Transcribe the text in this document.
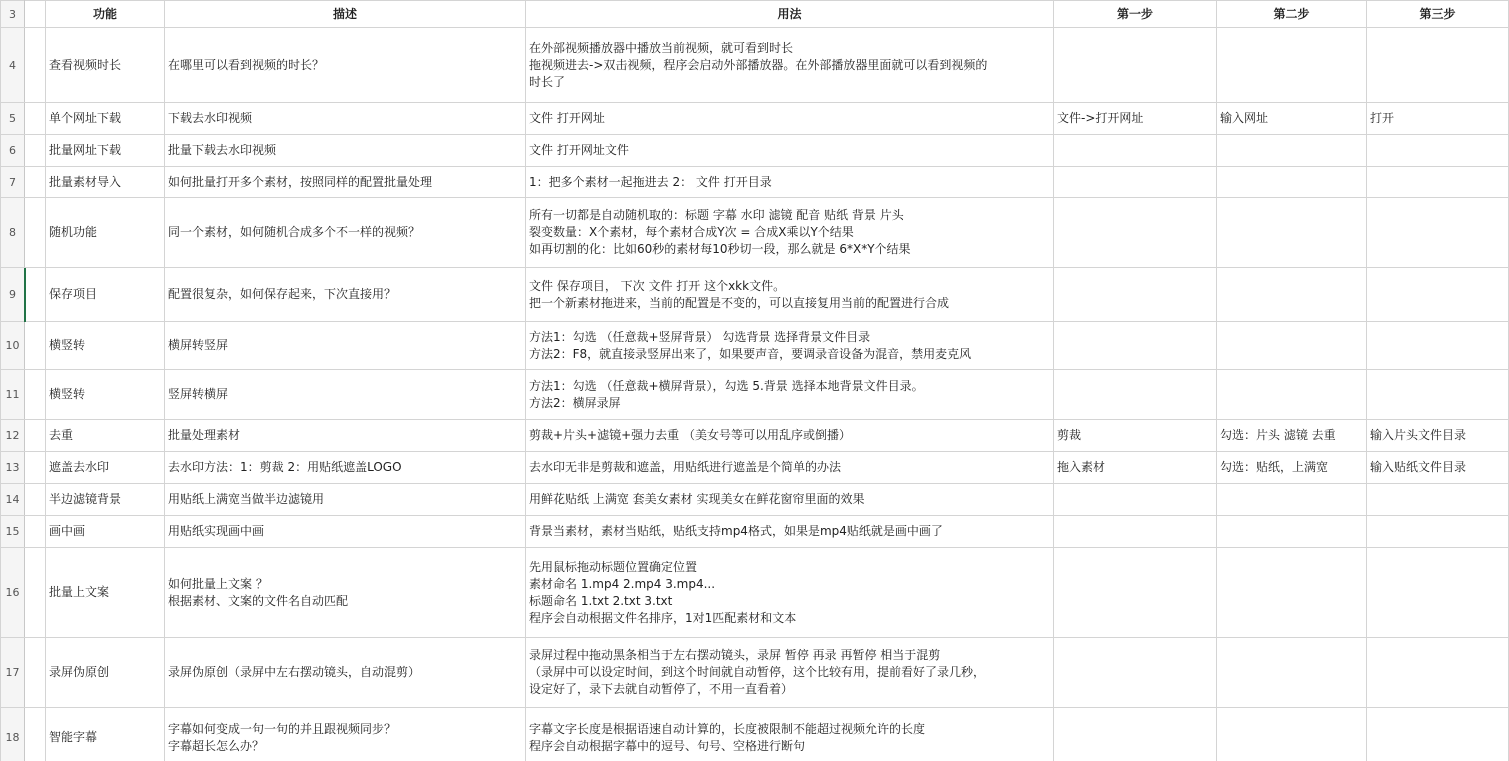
3		功能	描述	用法	第一步	第二步	第三步
4		查看视频时长	在哪里可以看到视频的时长？	在外部视频播放器中播放当前视频，就可看到时长
拖视频进去->双击视频，程序会启动外部播放器。在外部播放器里面就可以看到视频的
时长了			

5		单个网址下载	下载去水印视频	文件 打开网址	文件->打开网址	输入网址	打开
6		批量网址下载	批量下载去水印视频	文件 打开网址文件			

7		批量素材导入	如何批量打开多个素材，按照同样的配置批量处理	1：把多个素材一起拖进去 2： 文件 打开目录			

8		随机功能	同一个素材，如何随机合成多个不一样的视频？	所有一切都是自动随机取的：标题 字幕 水印 滤镜 配音 贴纸 背景 片头
裂变数量：X个素材，每个素材合成Y次 = 合成X乘以Y个结果
如再切割的化：比如60秒的素材每10秒切一段，那么就是 6*X*Y个结果			

9		保存项目	配置很复杂，如何保存起来，下次直接用？	文件 保存项目， 下次 文件 打开 这个xkk文件。
把一个新素材拖进来，当前的配置是不变的，可以直接复用当前的配置进行合成			

10		横竖转	横屏转竖屏	方法1：勾选 （任意裁+竖屏背景） 勾选背景 选择背景文件目录
方法2：F8，就直接录竖屏出来了，如果要声音，要调录音设备为混音，禁用麦克风			

11		横竖转	竖屏转横屏	方法1：勾选 （任意裁+横屏背景），勾选 5.背景 选择本地背景文件目录。
方法2：横屏录屏			

12		去重	批量处理素材	剪裁+片头+滤镜+强力去重 （美女号等可以用乱序或倒播）	剪裁	勾选：片头 滤镜 去重	输入片头文件目录
13		遮盖去水印	去水印方法：1：剪裁 2：用贴纸遮盖LOGO	去水印无非是剪裁和遮盖，用贴纸进行遮盖是个简单的办法	拖入素材	勾选：贴纸，上满宽	输入贴纸文件目录
14		半边滤镜背景	用贴纸上满宽当做半边滤镜用	用鲜花贴纸 上满宽 套美女素材 实现美女在鲜花窗帘里面的效果			

15		画中画	用贴纸实现画中画	背景当素材，素材当贴纸，贴纸支持mp4格式，如果是mp4贴纸就是画中画了			

16		批量上文案	如何批量上文案 ？
根据素材、文案的文件名自动匹配	先用鼠标拖动标题位置确定位置
素材命名 1.mp4 2.mp4 3.mp4...
标题命名 1.txt 2.txt 3.txt
程序会自动根据文件名排序，1对1匹配素材和文本			

17		录屏伪原创	录屏伪原创（录屏中左右摆动镜头，自动混剪）	录屏过程中拖动黑条相当于左右摆动镜头，录屏 暂停 再录 再暂停 相当于混剪
（录屏中可以设定时间，到这个时间就自动暂停，这个比较有用，提前看好了录几秒，
设定好了，录下去就自动暂停了，不用一直看着）			

18		智能字幕	字幕如何变成一句一句的并且跟视频同步？
字幕超长怎么办？	字幕文字长度是根据语速自动计算的，长度被限制不能超过视频允许的长度
程序会自动根据字幕中的逗号、句号、空格进行断句			
